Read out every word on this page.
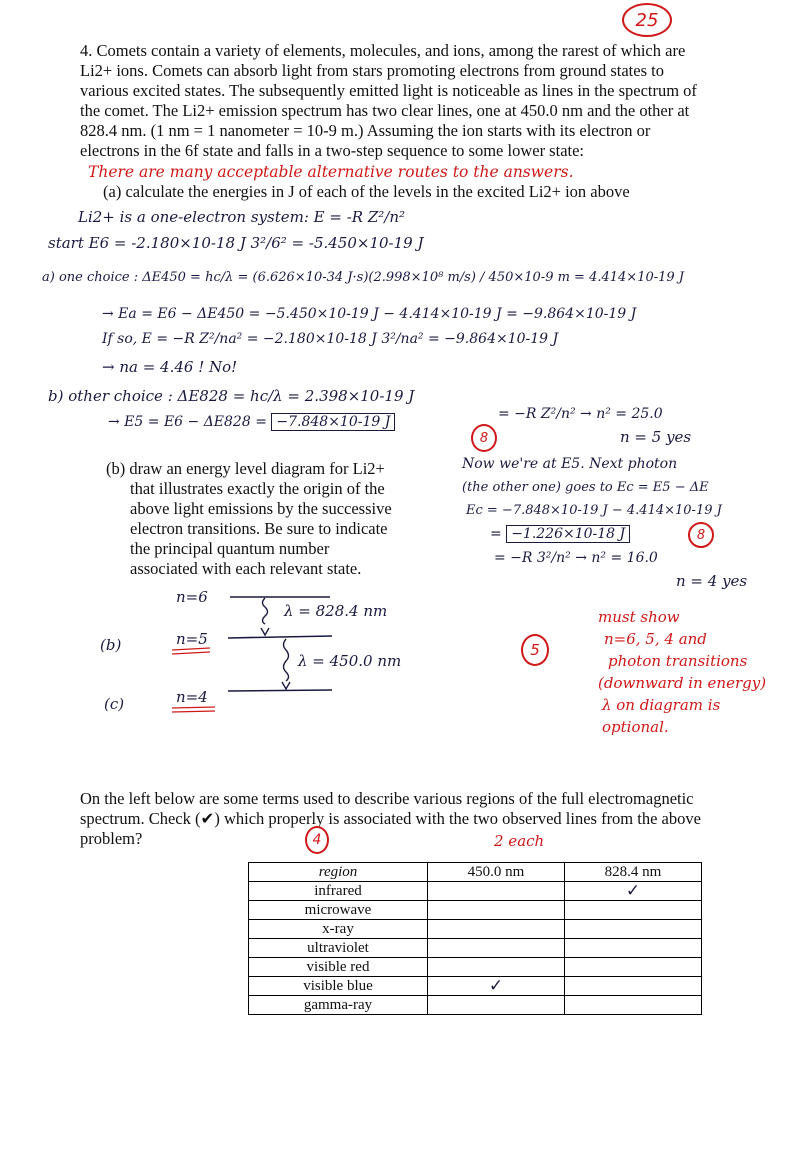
25
4. Comets contain a variety of elements, molecules, and ions, among the rarest of which are
Li2+ ions. Comets can absorb light from stars promoting electrons from ground states to
various excited states. The subsequently emitted light is noticeable as lines in the spectrum of
the comet. The Li2+ emission spectrum has two clear lines, one at 450.0 nm and the other at
828.4 nm. (1 nm = 1 nanometer = 10-9 m.) Assuming the ion starts with its electron or
electrons in the 6f state and falls in a two-step sequence to some lower state:
There are many acceptable alternative routes to the answers.
(a) calculate the energies in J of each of the levels in the excited Li2+ ion above
Li2+ is a one-electron system: E = -R Z²/n²
start E6 = -2.180×10-18 J 3²/6² = -5.450×10-19 J
a) one choice : ΔE450 = hc/λ = (6.626×10-34 J·s)(2.998×10⁸ m/s) / 450×10-9 m = 4.414×10-19 J
→ Ea = E6 − ΔE450 = −5.450×10-19 J − 4.414×10-19 J = −9.864×10-19 J
If so, E = −R Z²/na² = −2.180×10-18 J 3²/na² = −9.864×10-19 J
→ na = 4.46 ! No!
b) other choice : ΔE828 = hc/λ = 2.398×10-19 J
→ E5 = E6 − ΔE828 = −7.848×10-19 J
8
= −R Z²/n² → n² = 25.0
n = 5 yes
(b) draw an energy level diagram for Li2+
that illustrates exactly the origin of the
above light emissions by the successive
electron transitions. Be sure to indicate
the principal quantum number
associated with each relevant state.
Now we're at E5. Next photon
(the other one) goes to Ec = E5 − ΔE
Ec = −7.848×10-19 J − 4.414×10-19 J
= −1.226×10-18 J	8
= −R 3²/n² → n² = 16.0
n = 4 yes
n=6
n=5
n=4
(b)
(c)
λ = 828.4 nm
λ = 450.0 nm
5
must show
n=6, 5, 4 and
photon transitions
(downward in energy)
λ on diagram is
optional.
On the left below are some terms used to describe various regions of the full electromagnetic
spectrum. Check (✔) which properly is associated with the two observed lines from the above
problem?	4	2 each
region	450.0 nm	828.4 nm
infrared		✓
microwave		
x-ray		
ultraviolet		
visible red		
visible blue	✓	
gamma-ray		
